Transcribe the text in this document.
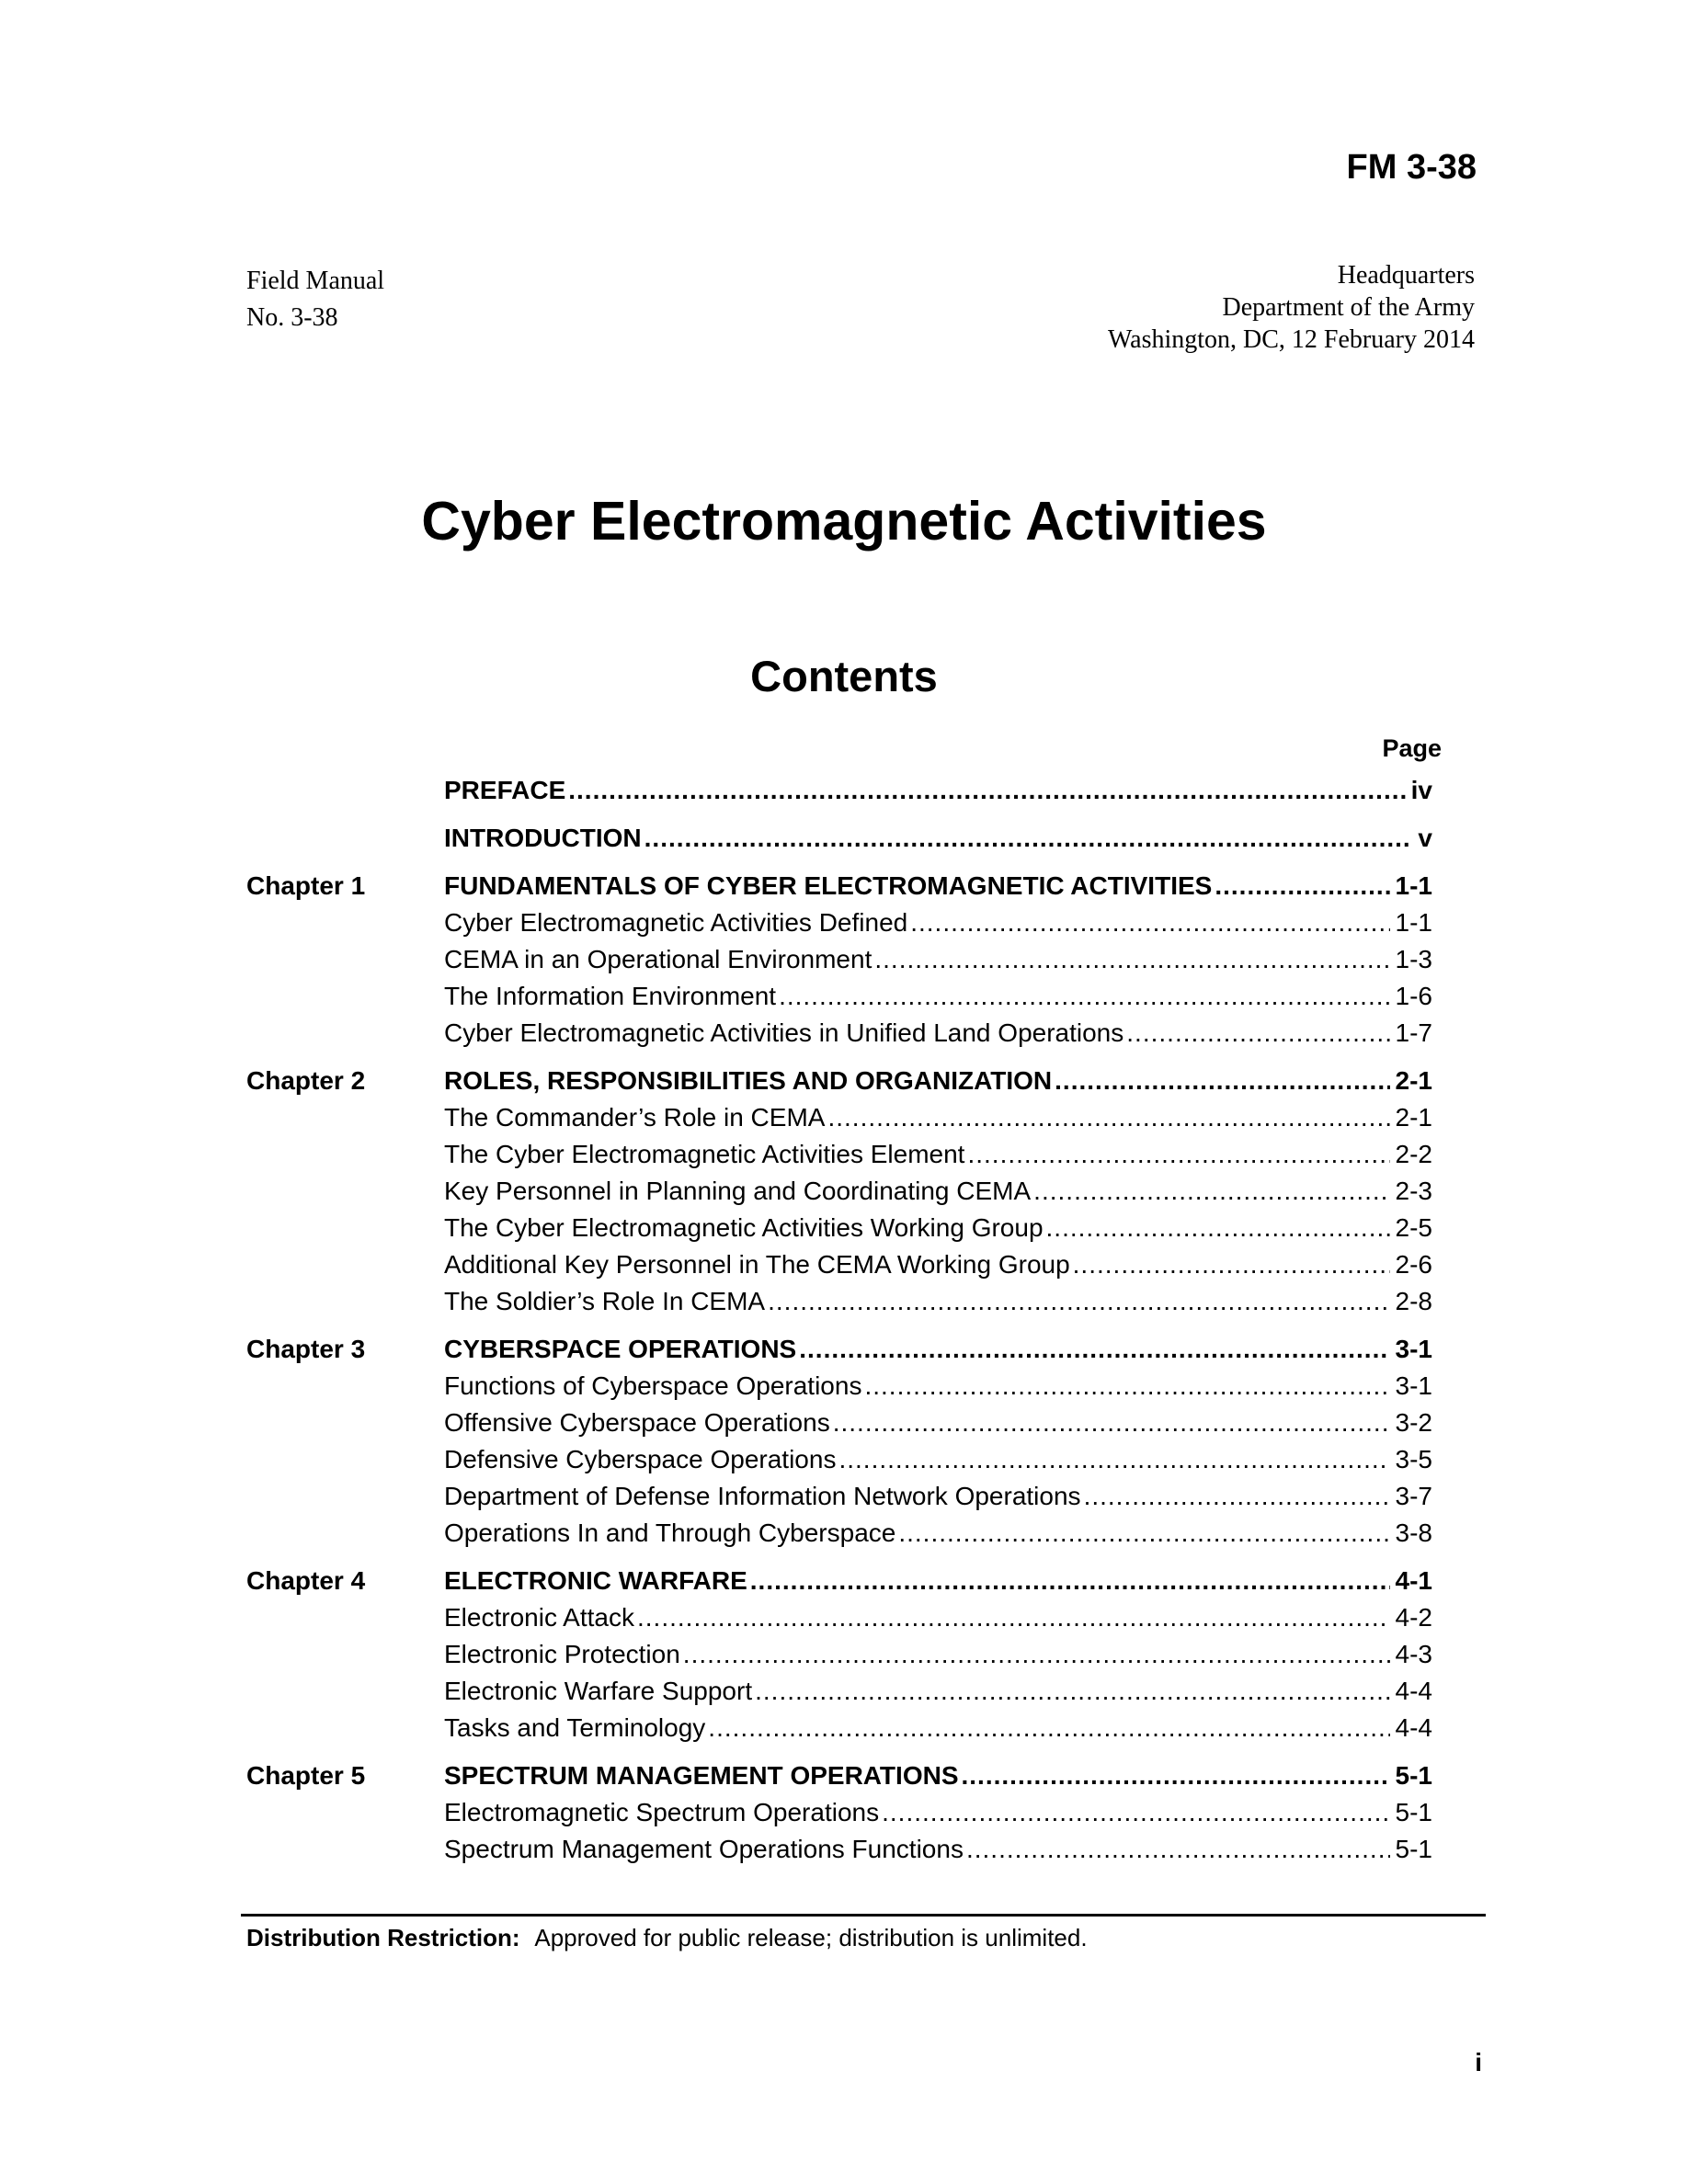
FM 3-38
Field Manual
No. 3-38
Headquarters
Department of the Army
Washington, DC, 12 February 2014
Cyber Electromagnetic Activities
Contents
Page
PREFACE .....	iv
INTRODUCTION .....	v
Chapter 1	FUNDAMENTALS OF CYBER ELECTROMAGNETIC ACTIVITIES .....	1-1
Cyber Electromagnetic Activities Defined .....	1-1
CEMA in an Operational Environment .....	1-3
The Information Environment .....	1-6
Cyber Electromagnetic Activities in Unified Land Operations .....	1-7
Chapter 2	ROLES, RESPONSIBILITIES AND ORGANIZATION .....	2-1
The Commander’s Role in CEMA .....	2-1
The Cyber Electromagnetic Activities Element .....	2-2
Key Personnel in Planning and Coordinating CEMA .....	2-3
The Cyber Electromagnetic Activities Working Group .....	2-5
Additional Key Personnel in The CEMA Working Group .....	2-6
The Soldier’s Role In CEMA .....	2-8
Chapter 3	CYBERSPACE OPERATIONS .....	3-1
Functions of Cyberspace Operations .....	3-1
Offensive Cyberspace Operations .....	3-2
Defensive Cyberspace Operations .....	3-5
Department of Defense Information Network Operations .....	3-7
Operations In and Through Cyberspace .....	3-8
Chapter 4	ELECTRONIC WARFARE .....	4-1
Electronic Attack .....	4-2
Electronic Protection .....	4-3
Electronic Warfare Support .....	4-4
Tasks and Terminology .....	4-4
Chapter 5	SPECTRUM MANAGEMENT OPERATIONS .....	5-1
Electromagnetic Spectrum Operations .....	5-1
Spectrum Management Operations Functions .....	5-1
Distribution Restriction: Approved for public release; distribution is unlimited.
i
